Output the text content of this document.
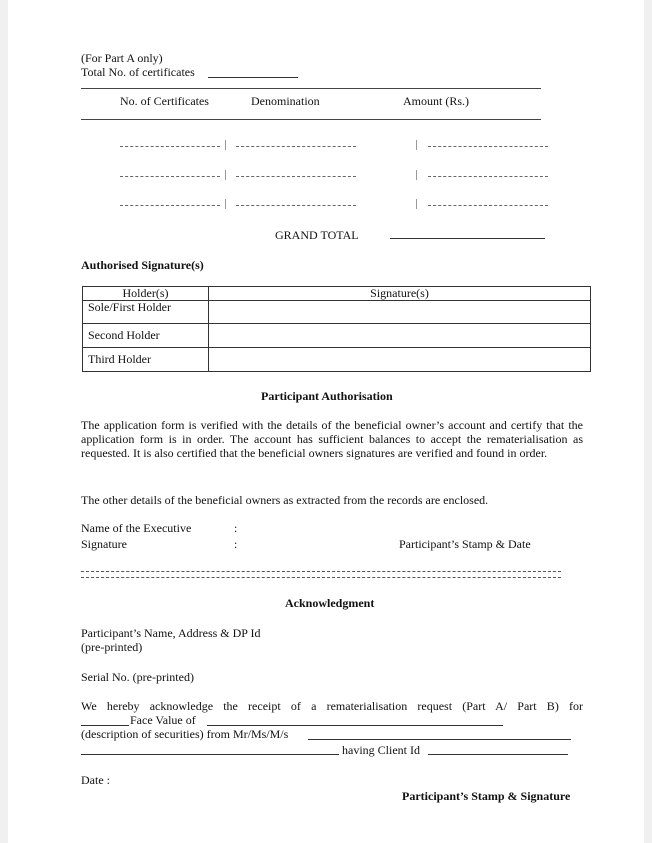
(For Part A only)
Total No. of certificates
No. of Certificates	Denomination	Amount (Rs.)
GRAND TOTAL
Authorised Signature(s)
Holder(s)	Signature(s)
Sole/First Holder	
Second Holder	
Third Holder	
Participant Authorisation
The application form is verified with the details of the beneficial owner’s account and certify that the application form is in order. The account has sufficient balances to accept the rematerialisation as requested. It is also certified that the beneficial owners signatures are verified and found in order.
The other details of the beneficial owners as extracted from the records are enclosed.
Name of the Executive	:
Signature	:	Participant’s Stamp & Date
Acknowledgment
Participant’s Name, Address & DP Id
(pre-printed)
Serial No. (pre-printed)
We hereby acknowledge the receipt of a rematerialisation request (Part A/ Part B) for
Face Value of
(description of securities) from Mr/Ms/M/s
having Client Id
Date :
Participant’s Stamp & Signature
